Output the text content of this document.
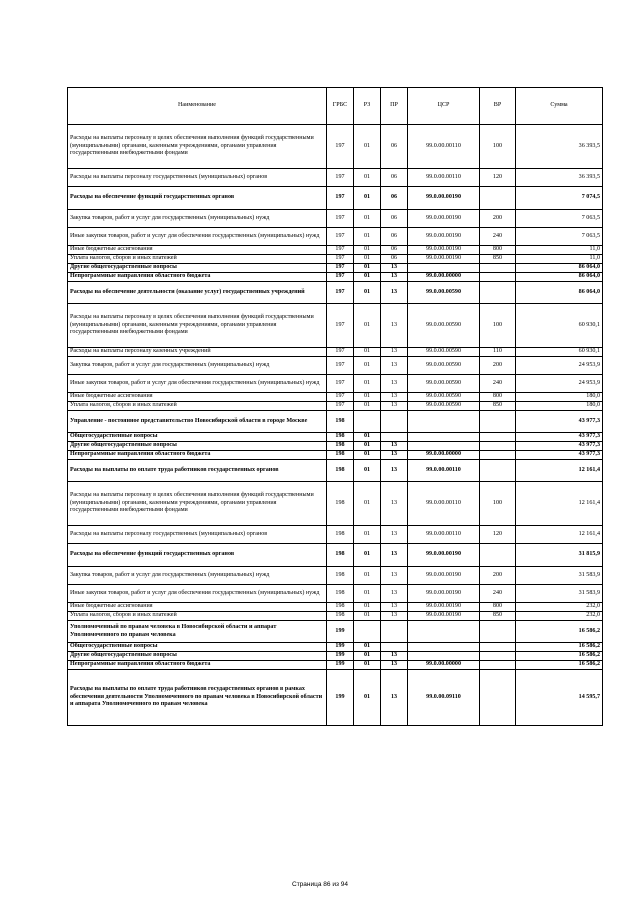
Наименование	ГРБС	РЗ	ПР	ЦСР	ВР	Сумма
Расходы на выплаты персоналу в целях обеспечения выполнения функций государственными (муниципальными) органами, казенными учреждениями, органами управления государственными внебюджетными фондами	197	01	06	99.0.00.00110	100	36 393,5
Расходы на выплаты персоналу государственных (муниципальных) органов	197	01	06	99.0.00.00110	120	36 393,5
Расходы на обеспечение функций государственных органов	197	01	06	99.0.00.00190		7 074,5
Закупка товаров, работ и услуг для государственных (муниципальных) нужд	197	01	06	99.0.00.00190	200	7 063,5
Иные закупки товаров, работ и услуг для обеспечения государственных (муниципальных) нужд	197	01	06	99.0.00.00190	240	7 063,5
Иные бюджетные ассигнования	197	01	06	99.0.00.00190	800	11,0
Уплата налогов, сборов и иных платежей	197	01	06	99.0.00.00190	850	11,0
Другие общегосударственные вопросы	197	01	13			86 064,0
Непрограммные направления областного бюджета	197	01	13	99.0.00.00000		86 064,0
Расходы на обеспечение деятельности (оказание услуг) государственных учреждений	197	01	13	99.0.00.00590		86 064,0
Расходы на выплаты персоналу в целях обеспечения выполнения функций государственными (муниципальными) органами, казенными учреждениями, органами управления государственными внебюджетными фондами	197	01	13	99.0.00.00590	100	60 930,1
Расходы на выплаты персоналу казенных учреждений	197	01	13	99.0.00.00590	110	60 930,1
Закупка товаров, работ и услуг для государственных (муниципальных) нужд	197	01	13	99.0.00.00590	200	24 953,9
Иные закупки товаров, работ и услуг для обеспечения государственных (муниципальных) нужд	197	01	13	99.0.00.00590	240	24 953,9
Иные бюджетные ассигнования	197	01	13	99.0.00.00590	800	180,0
Уплата налогов, сборов и иных платежей	197	01	13	99.0.00.00590	850	180,0
Управление - постоянное представительство Новосибирской области в городе Москве	198					43 977,3
Общегосударственные вопросы	198	01				43 977,3
Другие общегосударственные вопросы	198	01	13			43 977,3
Непрограммные направления областного бюджета	198	01	13	99.0.00.00000		43 977,3
Расходы на выплаты по оплате труда работников государственных органов	198	01	13	99.0.00.00110		12 161,4
Расходы на выплаты персоналу в целях обеспечения выполнения функций государственными (муниципальными) органами, казенными учреждениями, органами управления государственными внебюджетными фондами	198	01	13	99.0.00.00110	100	12 161,4
Расходы на выплаты персоналу государственных (муниципальных) органов	198	01	13	99.0.00.00110	120	12 161,4
Расходы на обеспечение функций государственных органов	198	01	13	99.0.00.00190		31 815,9
Закупка товаров, работ и услуг для государственных (муниципальных) нужд	198	01	13	99.0.00.00190	200	31 583,9
Иные закупки товаров, работ и услуг для обеспечения государственных (муниципальных) нужд	198	01	13	99.0.00.00190	240	31 583,9
Иные бюджетные ассигнования	198	01	13	99.0.00.00190	800	232,0
Уплата налогов, сборов и иных платежей	198	01	13	99.0.00.00190	850	232,0
Уполномоченный по правам человека в Новосибирской области и аппарат Уполномоченного по правам человека	199					16 586,2
Общегосударственные вопросы	199	01				16 586,2
Другие общегосударственные вопросы	199	01	13			16 586,2
Непрограммные направления областного бюджета	199	01	13	99.0.00.00000		16 586,2
Расходы на выплаты по оплате труда работников государственных органов в рамках обеспечения деятельности Уполномоченного по правам человека в Новосибирской области и аппарата Уполномоченного по правам человека	199	01	13	99.0.00.09110		14 595,7
Страница 86 из 94
